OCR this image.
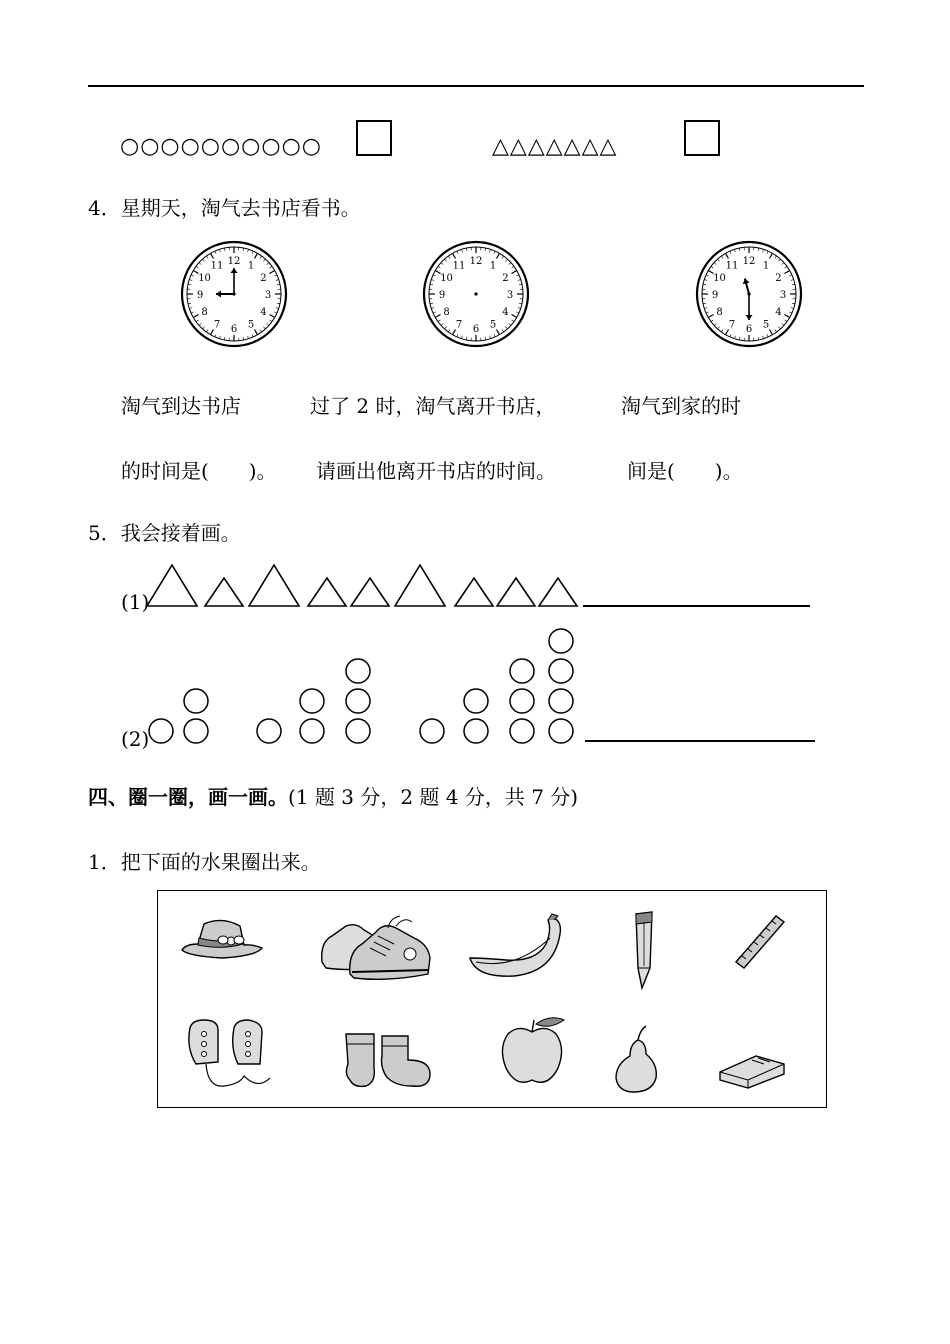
○○○○○○○○○○	△△△△△△△
4．星期天，淘气去书店看书。
12 1
2
3
4
5
6
7
8
9
10
11	12 1
2
3
4
5
6
7
8
9
10
11	12 1
2
3
4
5
6
7
8
9
10
11
淘气到达书店	过了 2 时，淘气离开书店，	淘气到家的时
的时间是(　　)。 请画出他离开书店的时间。	间是(　　)。
5．我会接着画。
(1)
(2)
四、圈一圈，画一画。(1 题 3 分，2 题 4 分，共 7 分)
1．把下面的水果圈出来。
